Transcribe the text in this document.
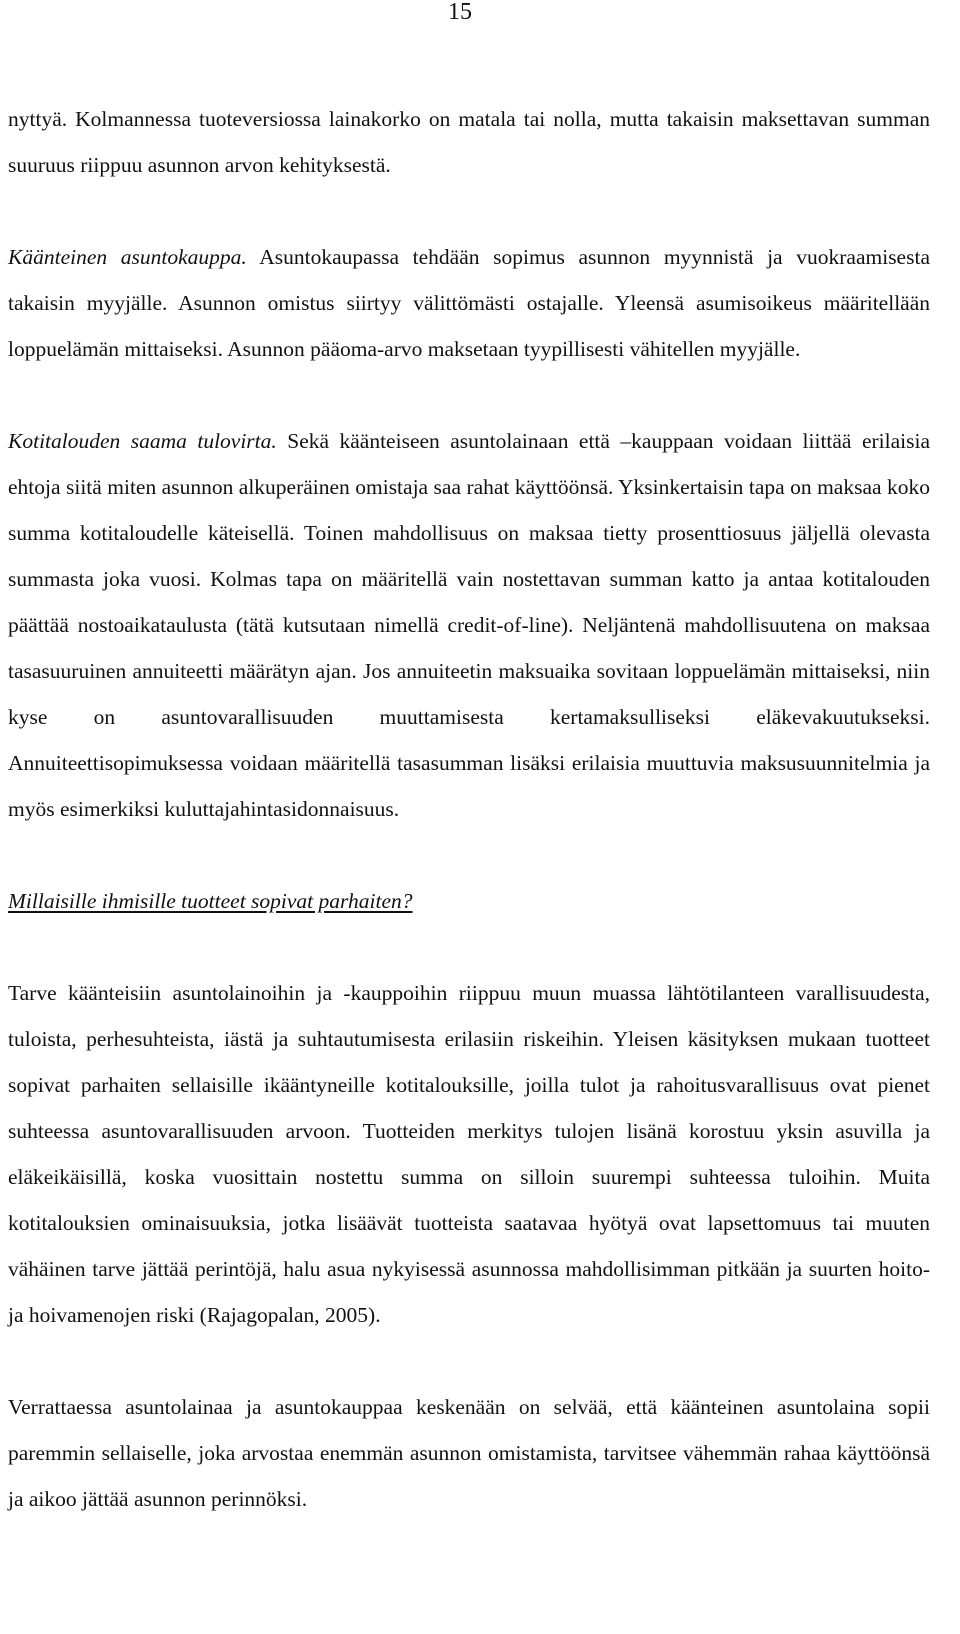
15

nyttyä. Kolmannessa tuoteversiossa lainakorko on matala tai nolla, mutta takaisin maksettavan summan suuruus riippuu asunnon arvon kehityksestä.

Käänteinen asuntokauppa. Asuntokaupassa tehdään sopimus asunnon myynnistä ja vuokraamisesta takaisin myyjälle. Asunnon omistus siirtyy välittömästi ostajalle. Yleensä asumisoikeus määritellään loppuelämän mittaiseksi. Asunnon pääoma-arvo maksetaan tyypillisesti vähitellen myyjälle.

Kotitalouden saama tulovirta. Sekä käänteiseen asuntolainaan että –kauppaan voidaan liittää erilaisia ehtoja siitä miten asunnon alkuperäinen omistaja saa rahat käyttöönsä. Yksinkertaisin tapa on maksaa koko summa kotitaloudelle käteisellä. Toinen mahdollisuus on maksaa tietty prosenttiosuus jäljellä olevasta summasta joka vuosi. Kolmas tapa on määritellä vain nostettavan summan katto ja antaa kotitalouden päättää nostoaikataulusta (tätä kutsutaan nimellä credit-of-line). Neljäntenä mahdollisuutena on maksaa tasasuuruinen annuiteetti määrätyn ajan. Jos annuiteetin maksuaika sovitaan loppuelämän mittaiseksi, niin kyse on asuntovarallisuuden muuttamisesta kertamaksulliseksi eläkevakuutukseksi. Annuiteettisopimuksessa voidaan määritellä tasasumman lisäksi erilaisia muuttuvia maksusuunnitelmia ja myös esimerkiksi kuluttajahintasidonnaisuus.

Millaisille ihmisille tuotteet sopivat parhaiten?

Tarve käänteisiin asuntolainoihin ja -kauppoihin riippuu muun muassa lähtötilanteen varallisuudesta, tuloista, perhesuhteista, iästä ja suhtautumisesta erilasiin riskeihin. Yleisen käsityksen mukaan tuotteet sopivat parhaiten sellaisille ikääntyneille kotitalouksille, joilla tulot ja rahoitusvarallisuus ovat pienet suhteessa asuntovarallisuuden arvoon. Tuotteiden merkitys tulojen lisänä korostuu yksin asuvilla ja eläkeikäisillä, koska vuosittain nostettu summa on silloin suurempi suhteessa tuloihin. Muita kotitalouksien ominaisuuksia, jotka lisäävät tuotteista saatavaa hyötyä ovat lapsettomuus tai muuten vähäinen tarve jättää perintöjä, halu asua nykyisessä asunnossa mahdollisimman pitkään ja suurten hoito- ja hoivamenojen riski (Rajagopalan, 2005).

Verrattaessa asuntolainaa ja asuntokauppaa keskenään on selvää, että käänteinen asuntolaina sopii paremmin sellaiselle, joka arvostaa enemmän asunnon omistamista, tarvitsee vähemmän rahaa käyttöönsä ja aikoo jättää asunnon perinnöksi.
